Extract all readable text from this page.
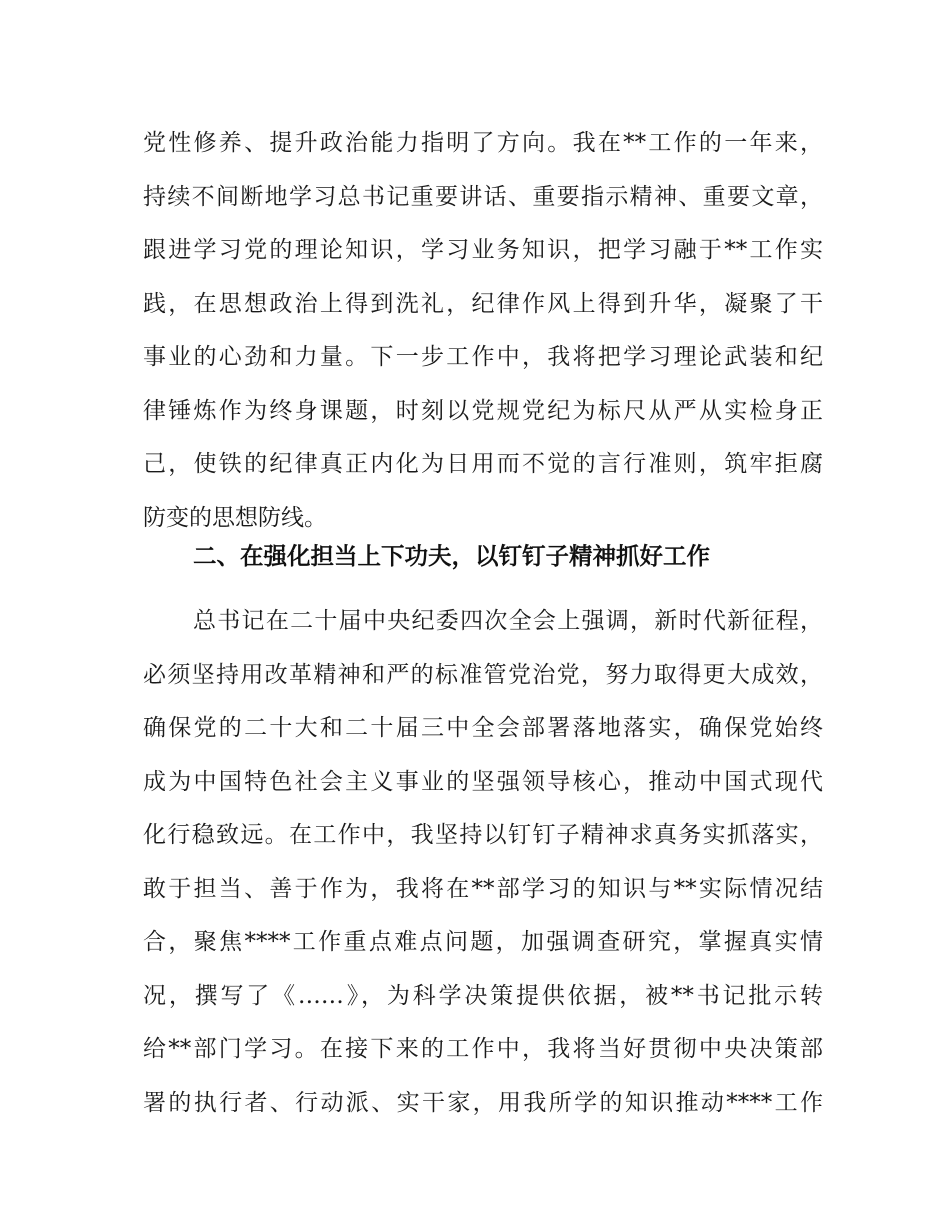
党性修养、提升政治能力指明了方向。我在**工作的一年来，
持续不间断地学习总书记重要讲话、重要指示精神、重要文章，
跟进学习党的理论知识，学习业务知识，把学习融于**工作实
践，在思想政治上得到洗礼，纪律作风上得到升华，凝聚了干
事业的心劲和力量。下一步工作中，我将把学习理论武装和纪
律锤炼作为终身课题，时刻以党规党纪为标尺从严从实检身正
己，使铁的纪律真正内化为日用而不觉的言行准则，筑牢拒腐
防变的思想防线。
二、在强化担当上下功夫，以钉钉子精神抓好工作
总书记在二十届中央纪委四次全会上强调，新时代新征程，
必须坚持用改革精神和严的标准管党治党，努力取得更大成效，
确保党的二十大和二十届三中全会部署落地落实，确保党始终
成为中国特色社会主义事业的坚强领导核心，推动中国式现代
化行稳致远。在工作中，我坚持以钉钉子精神求真务实抓落实，
敢于担当、善于作为，我将在**部学习的知识与**实际情况结
合，聚焦****工作重点难点问题，加强调查研究，掌握真实情
况，撰写了《……》，为科学决策提供依据，被**书记批示转
给**部门学习。在接下来的工作中，我将当好贯彻中央决策部
署的执行者、行动派、实干家，用我所学的知识推动****工作
